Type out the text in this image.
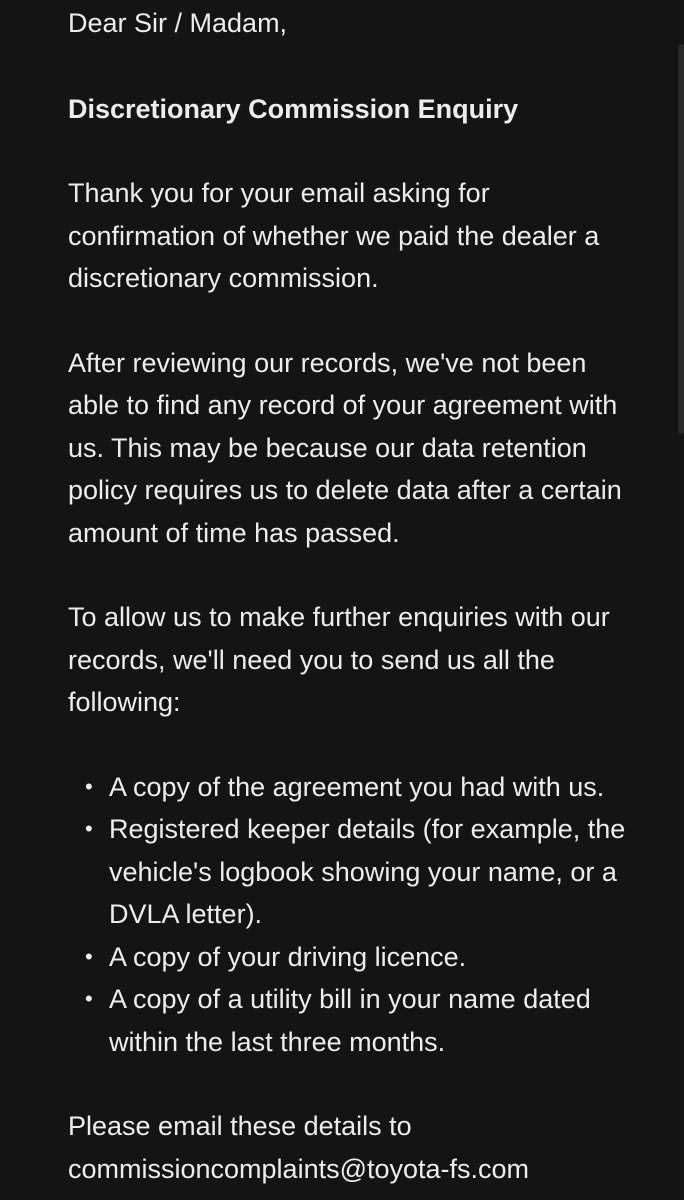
Dear Sir / Madam,

Discretionary Commission Enquiry

Thank you for your email asking for confirmation of whether we paid the dealer a discretionary commission.

After reviewing our records, we've not been able to find any record of your agreement with us. This may be because our data retention policy requires us to delete data after a certain amount of time has passed.

To allow us to make further enquiries with our records, we'll need you to send us all the following:

• A copy of the agreement you had with us.
• Registered keeper details (for example, the vehicle's logbook showing your name, or a DVLA letter).
• A copy of your driving licence.
• A copy of a utility bill in your name dated within the last three months.

Please email these details to

commissioncomplaints@toyota-fs.com
